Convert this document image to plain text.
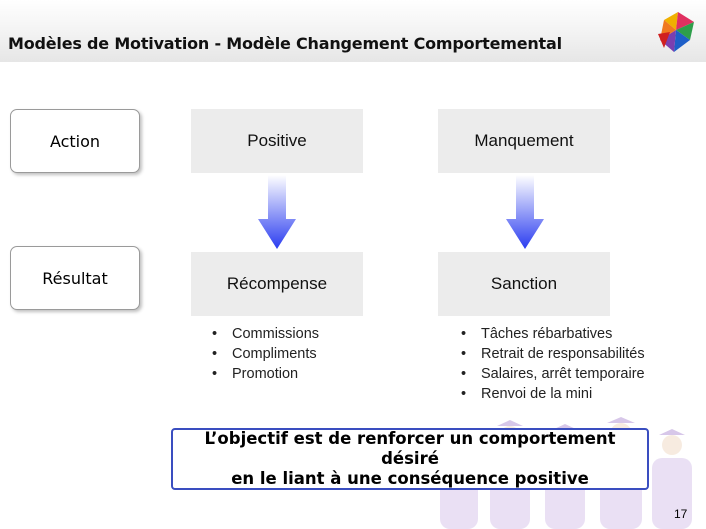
Modèles de Motivation - Modèle Changement Comportemental
Action
Résultat
Positive
Récompense
• Commissions
• Compliments
• Promotion
Manquement
Sanction
• Tâches rébarbatives
• Retrait de responsabilités
• Salaires, arrêt temporaire
• Renvoi de la mini
L’objectif est de renforcer un comportement désiré
en le liant à une conséquence positive
17
